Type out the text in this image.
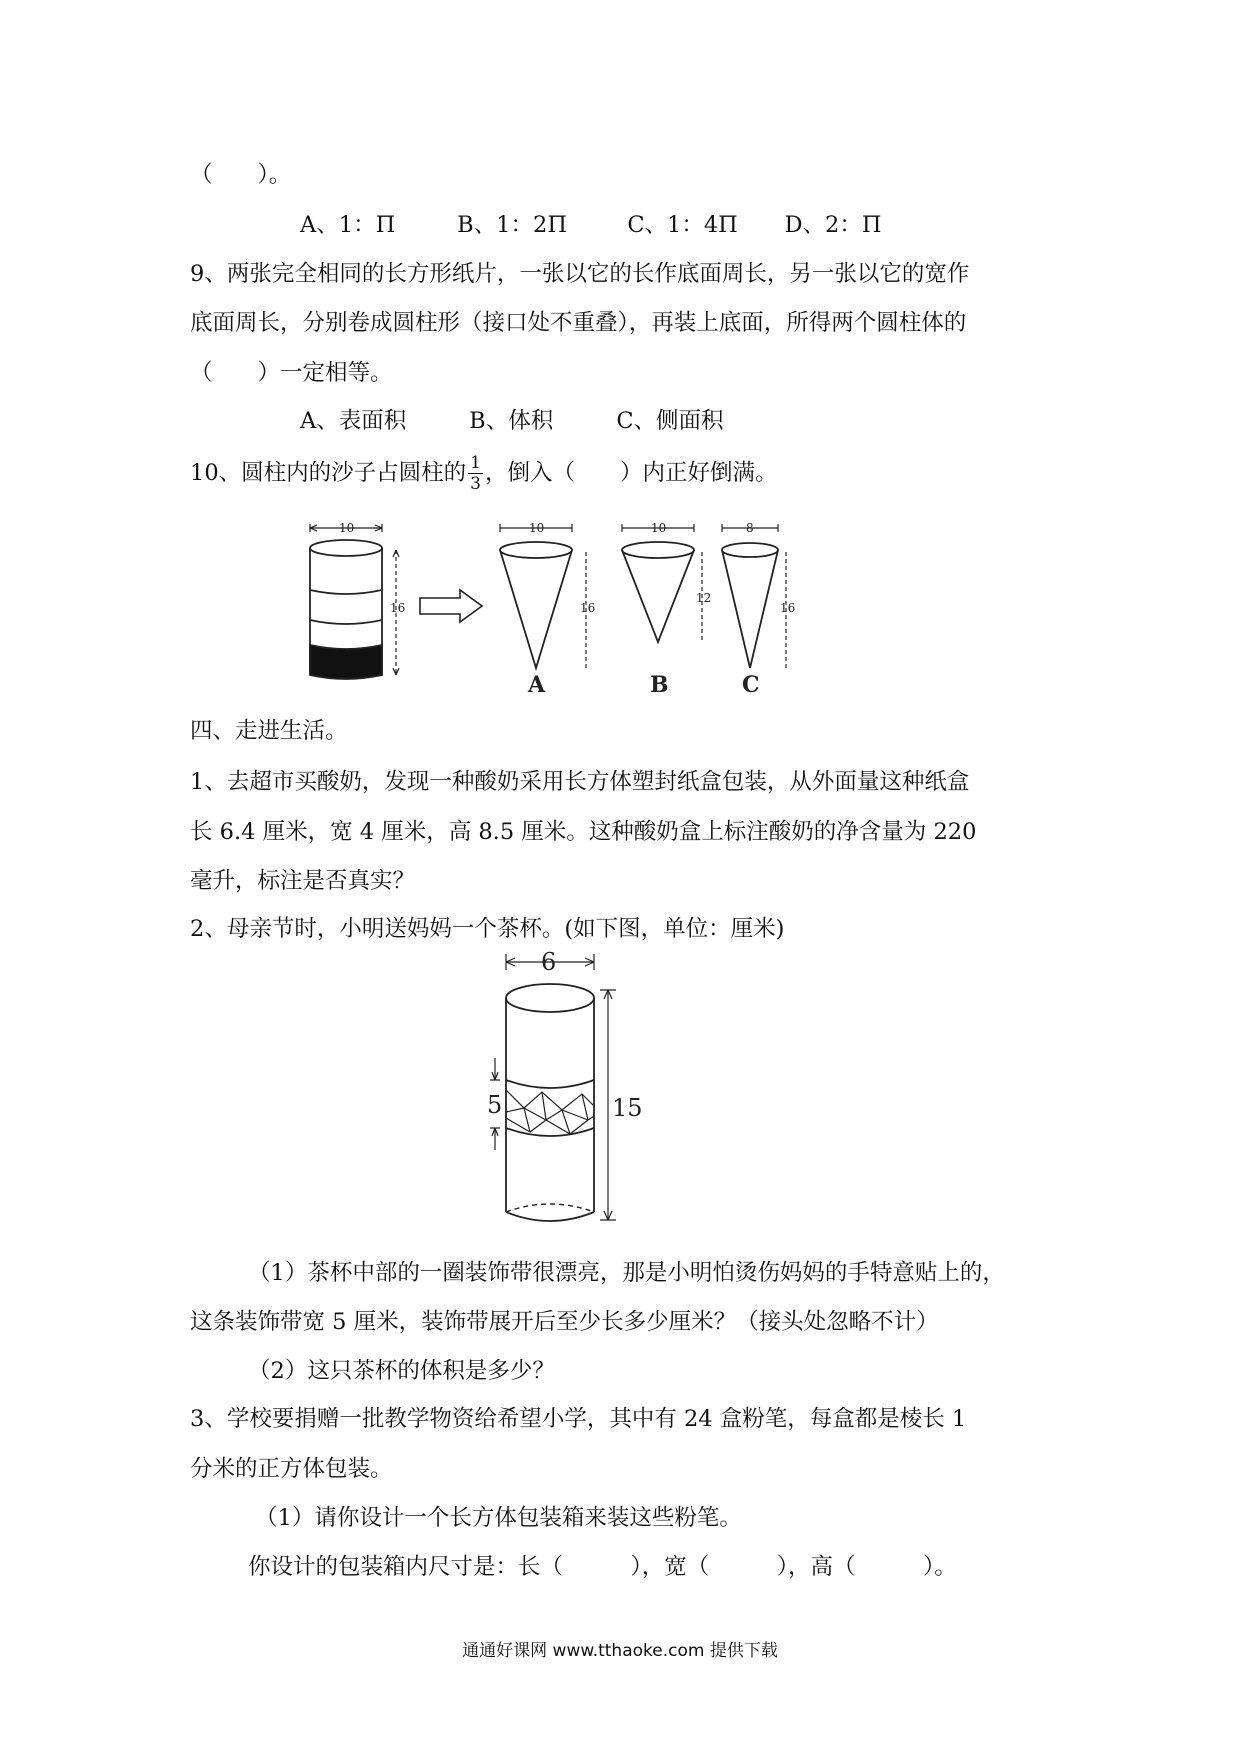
（　　）。
A、1：Π	B、1：2Π	C、1：4Π D、2：Π
9、两张完全相同的长方形纸片，一张以它的长作底面周长，另一张以它的宽作
底面周长，分别卷成圆柱形（接口处不重叠），再装上底面，所得两个圆柱体的
（　　）一定相等。
A、表面积	B、体积	C、侧面积
10、圆柱内的沙子占圆柱的 $\frac{1}{3}$ ，倒入（　　）内正好倒满。
10
16
10
16
10
12
8
16
A	B	C
四、走进生活。
1、去超市买酸奶，发现一种酸奶采用长方体塑封纸盒包装，从外面量这种纸盒
长 6.4 厘米，宽 4 厘米，高 8.5 厘米。这种酸奶盒上标注酸奶的净含量为 220
毫升，标注是否真实？
2、母亲节时，小明送妈妈一个茶杯。(如下图，单位：厘米)
6
15
5
（1）茶杯中部的一圈装饰带很漂亮，那是小明怕烫伤妈妈的手特意贴上的，
这条装饰带宽 5 厘米，装饰带展开后至少长多少厘米？（接头处忽略不计）
（2）这只茶杯的体积是多少？
3、学校要捐赠一批教学物资给希望小学，其中有 24 盒粉笔，每盒都是棱长 1
分米的正方体包装。
（1）请你设计一个长方体包装箱来装这些粉笔。
你设计的包装箱内尺寸是：长（　　　），宽（　　　），高（　　　）。
通通好课网 www.tthaoke.com 提供下载
